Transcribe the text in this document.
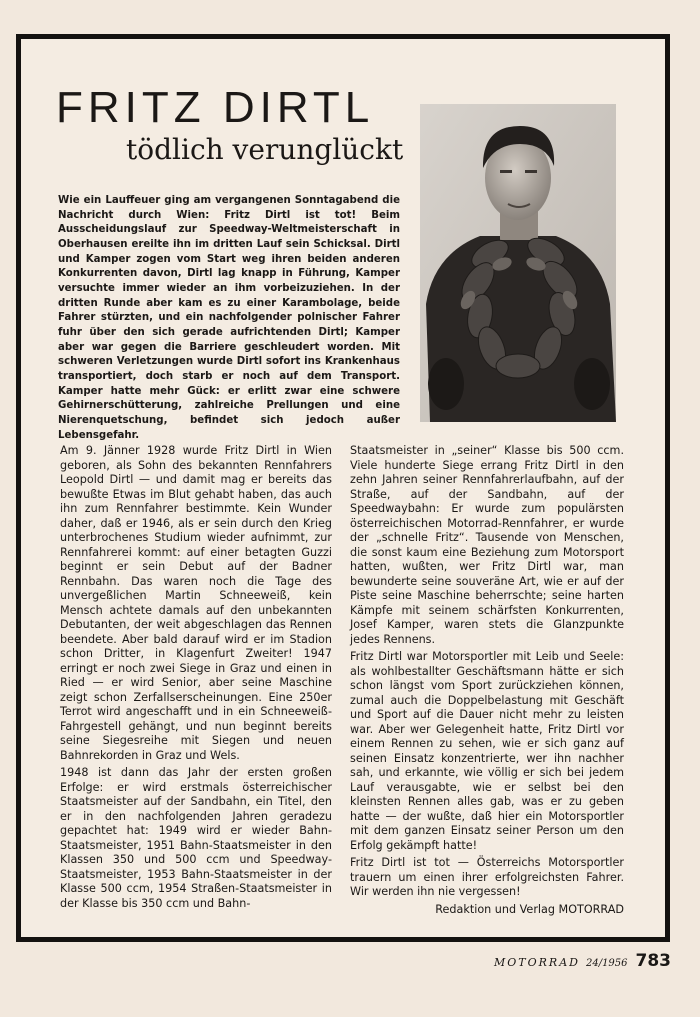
FRITZ DIRTL
tödlich verunglückt

Wie ein Lauffeuer ging am vergangenen Sonntagabend die Nachricht durch Wien: Fritz Dirtl ist tot! Beim Ausscheidungslauf zur Speedway-Weltmeisterschaft in Oberhausen ereilte ihn im dritten Lauf sein Schicksal. Dirtl und Kamper zogen vom Start weg ihren beiden anderen Konkurrenten davon, Dirtl lag knapp in Führung, Kamper versuchte immer wieder an ihm vorbeizuziehen. In der dritten Runde aber kam es zu einer Karambolage, beide Fahrer stürzten, und ein nachfolgender polnischer Fahrer fuhr über den sich gerade aufrichtenden Dirtl; Kamper aber war gegen die Barriere geschleudert worden. Mit schweren Verletzungen wurde Dirtl sofort ins Krankenhaus transportiert, doch starb er noch auf dem Transport. Kamper hatte mehr Gück: er erlitt zwar eine schwere Gehirnerschütterung, zahlreiche Prellungen und eine Nierenquetschung, befindet sich jedoch außer Lebensgefahr.

Am 9. Jänner 1928 wurde Fritz Dirtl in Wien geboren, als Sohn des bekannten Rennfahrers Leopold Dirtl — und damit mag er bereits das bewußte Etwas im Blut gehabt haben, das auch ihn zum Rennfahrer bestimmte. Kein Wunder daher, daß er 1946, als er sein durch den Krieg unterbrochenes Studium wieder aufnimmt, zur Rennfahrerei kommt: auf einer betagten Guzzi beginnt er sein Debut auf der Badner Rennbahn. Das waren noch die Tage des unvergeßlichen Martin Schneeweiß, kein Mensch achtete damals auf den unbekannten Debutanten, der weit abgeschlagen das Rennen beendete. Aber bald darauf wird er im Stadion schon Dritter, in Klagenfurt Zweiter! 1947 erringt er noch zwei Siege in Graz und einen in Ried — er wird Senior, aber seine Maschine zeigt schon Zerfallserscheinungen. Eine 250er Terrot wird angeschafft und in ein Schneeweiß-Fahrgestell gehängt, und nun beginnt bereits seine Siegesreihe mit Siegen und neuen Bahnrekorden in Graz und Wels.

1948 ist dann das Jahr der ersten großen Erfolge: er wird erstmals österreichischer Staatsmeister auf der Sandbahn, ein Titel, den er in den nachfolgenden Jahren geradezu gepachtet hat: 1949 wird er wieder Bahn-Staatsmeister, 1951 Bahn-Staatsmeister in den Klassen 350 und 500 ccm und Speedway-Staatsmeister, 1953 Bahn-Staatsmeister in der Klasse 500 ccm, 1954 Straßen-Staatsmeister in der Klasse bis 350 ccm und Bahn-

Staatsmeister in „seiner“ Klasse bis 500 ccm. Viele hunderte Siege errang Fritz Dirtl in den zehn Jahren seiner Rennfahrerlaufbahn, auf der Straße, auf der Sandbahn, auf der Speedwaybahn: Er wurde zum populärsten österreichischen Motorrad-Rennfahrer, er wurde der „schnelle Fritz“. Tausende von Menschen, die sonst kaum eine Beziehung zum Motorsport hatten, wußten, wer Fritz Dirtl war, man bewunderte seine souveräne Art, wie er auf der Piste seine Maschine beherrschte; seine harten Kämpfe mit seinem schärfsten Konkurrenten, Josef Kamper, waren stets die Glanzpunkte jedes Rennens.

Fritz Dirtl war Motorsportler mit Leib und Seele: als wohlbestallter Geschäftsmann hätte er sich schon längst vom Sport zurückziehen können, zumal auch die Doppelbelastung mit Geschäft und Sport auf die Dauer nicht mehr zu leisten war. Aber wer Gelegenheit hatte, Fritz Dirtl vor einem Rennen zu sehen, wie er sich ganz auf seinen Einsatz konzentrierte, wer ihn nachher sah, und erkannte, wie völlig er sich bei jedem Lauf verausgabte, wie er selbst bei den kleinsten Rennen alles gab, was er zu geben hatte — der wußte, daß hier ein Motorsportler mit dem ganzen Einsatz seiner Person um den Erfolg gekämpft hatte!

Fritz Dirtl ist tot — Österreichs Motorsportler trauern um einen ihrer erfolgreichsten Fahrer. Wir werden ihn nie vergessen!

Redaktion und Verlag MOTORRAD

MOTORRAD 24/1956 783
